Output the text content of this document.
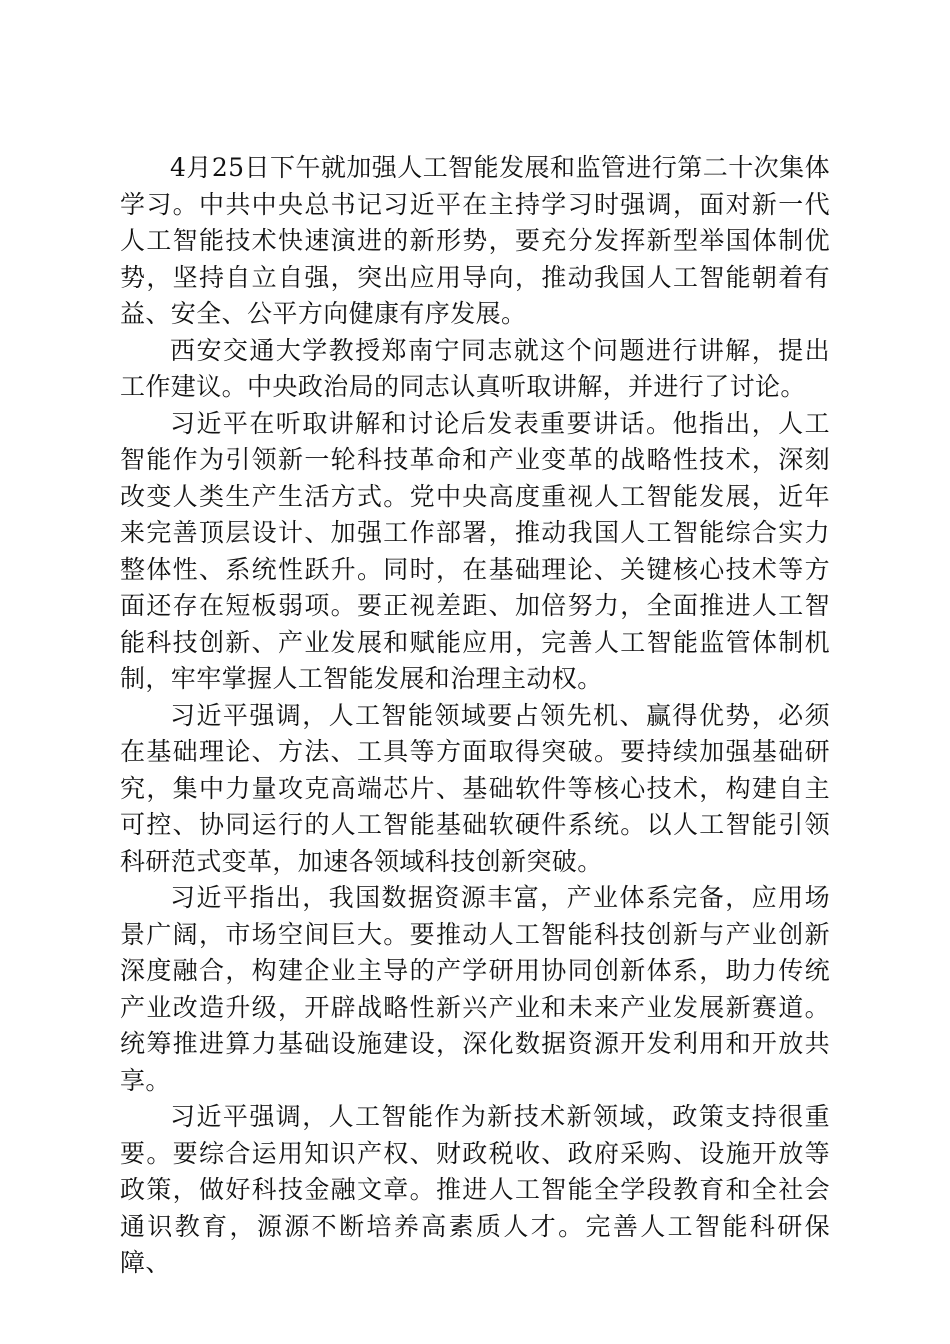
4月25日下午就加强人工智能发展和监管进行第二十次集体学习。中共中央总书记习近平在主持学习时强调，面对新一代人工智能技术快速演进的新形势，要充分发挥新型举国体制优势，坚持自立自强，突出应用导向，推动我国人工智能朝着有益、安全、公平方向健康有序发展。

西安交通大学教授郑南宁同志就这个问题进行讲解，提出工作建议。中央政治局的同志认真听取讲解，并进行了讨论。

习近平在听取讲解和讨论后发表重要讲话。他指出，人工智能作为引领新一轮科技革命和产业变革的战略性技术，深刻改变人类生产生活方式。党中央高度重视人工智能发展，近年来完善顶层设计、加强工作部署，推动我国人工智能综合实力整体性、系统性跃升。同时，在基础理论、关键核心技术等方面还存在短板弱项。要正视差距、加倍努力，全面推进人工智能科技创新、产业发展和赋能应用，完善人工智能监管体制机制，牢牢掌握人工智能发展和治理主动权。

习近平强调，人工智能领域要占领先机、赢得优势，必须在基础理论、方法、工具等方面取得突破。要持续加强基础研究，集中力量攻克高端芯片、基础软件等核心技术，构建自主可控、协同运行的人工智能基础软硬件系统。以人工智能引领科研范式变革，加速各领域科技创新突破。

习近平指出，我国数据资源丰富，产业体系完备，应用场景广阔，市场空间巨大。要推动人工智能科技创新与产业创新深度融合，构建企业主导的产学研用协同创新体系，助力传统产业改造升级，开辟战略性新兴产业和未来产业发展新赛道。统筹推进算力基础设施建设，深化数据资源开发利用和开放共享。

习近平强调，人工智能作为新技术新领域，政策支持很重要。要综合运用知识产权、财政税收、政府采购、设施开放等政策，做好科技金融文章。推进人工智能全学段教育和全社会通识教育，源源不断培养高素质人才。完善人工智能科研保障、
